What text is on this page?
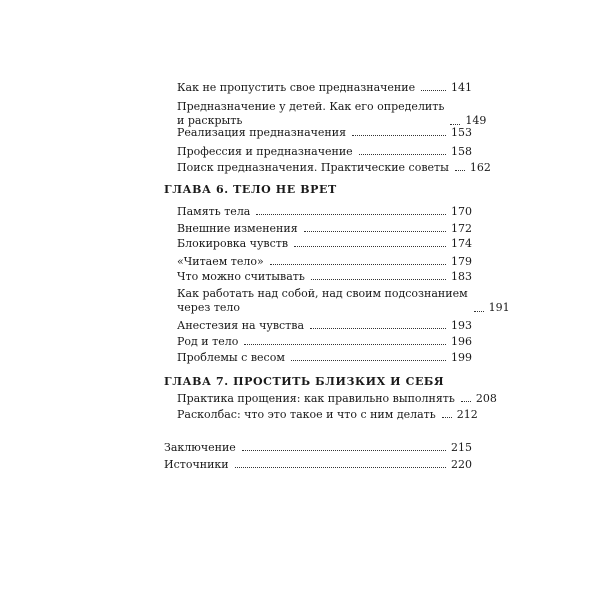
Как не пропустить свое предназначение	141
Предназначение у детей. Как его определить
и раскрыть	149
Реализация предназначения	153
Профессия и предназначение	158
Поиск предназначения. Практические советы 162
ГЛАВА 6. ТЕЛО НЕ ВРЕТ
Память тела	170
Внешние изменения	172
Блокировка чувств	174
«Читаем тело»	179
Что можно считывать	183
Как работать над собой, над своим подсознанием
через тело	191
Анестезия на чувства	193
Род и тело	196
Проблемы с весом	199
ГЛАВА 7. ПРОСТИТЬ БЛИЗКИХ И СЕБЯ
Практика прощения: как правильно выполнять 208
Расколбас: что это такое и что с ним делать 212
Заключение	215
Источники	220
